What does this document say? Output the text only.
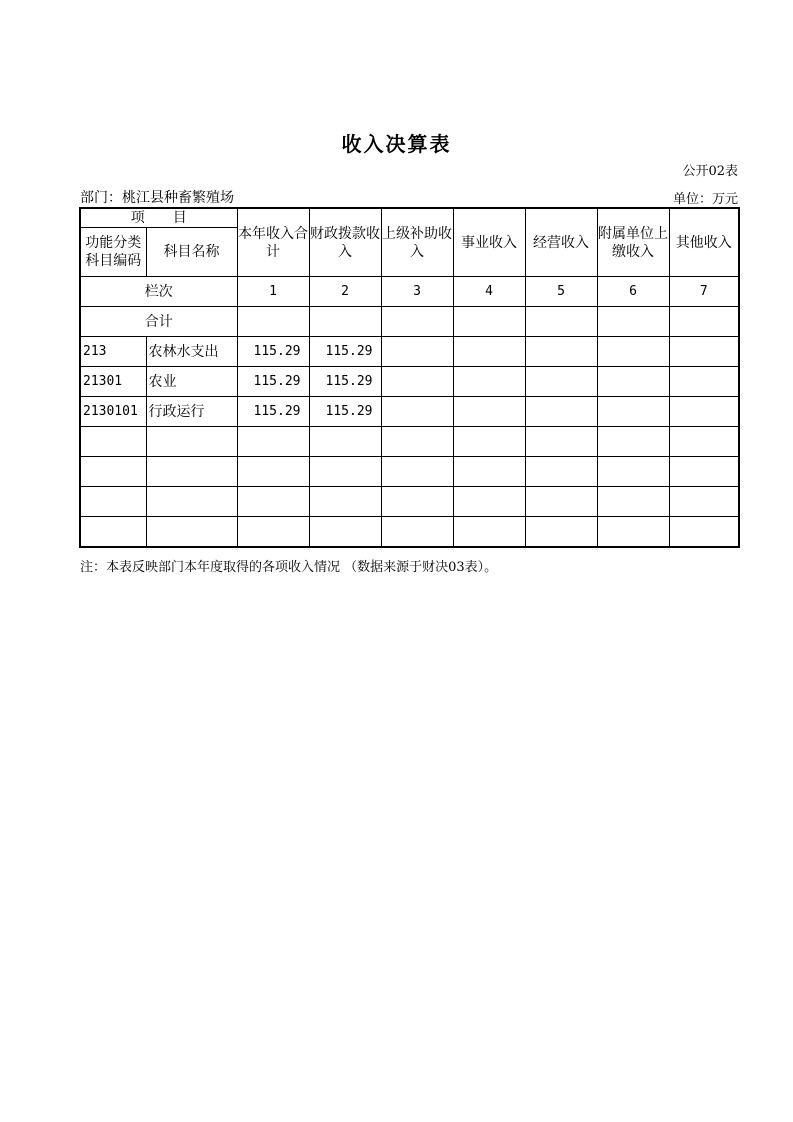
收入决算表
公开02表
部门：桃江县种畜繁殖场	单位：万元
项　　目		本年收入合计	财政拨款收入	上级补助收入	事业收入	经营收入	附属单位上缴收入	其他收入
功能分类科目编码	科目名称							
栏次		1	2	3	4	5	6	7
合计								
213	农林水支出	115.29	115.29					
21301	农业	115.29	115.29					
2130101	行政运行	115.29	115.29					

注：本表反映部门本年度取得的各项收入情况 （数据来源于财决03表）。
